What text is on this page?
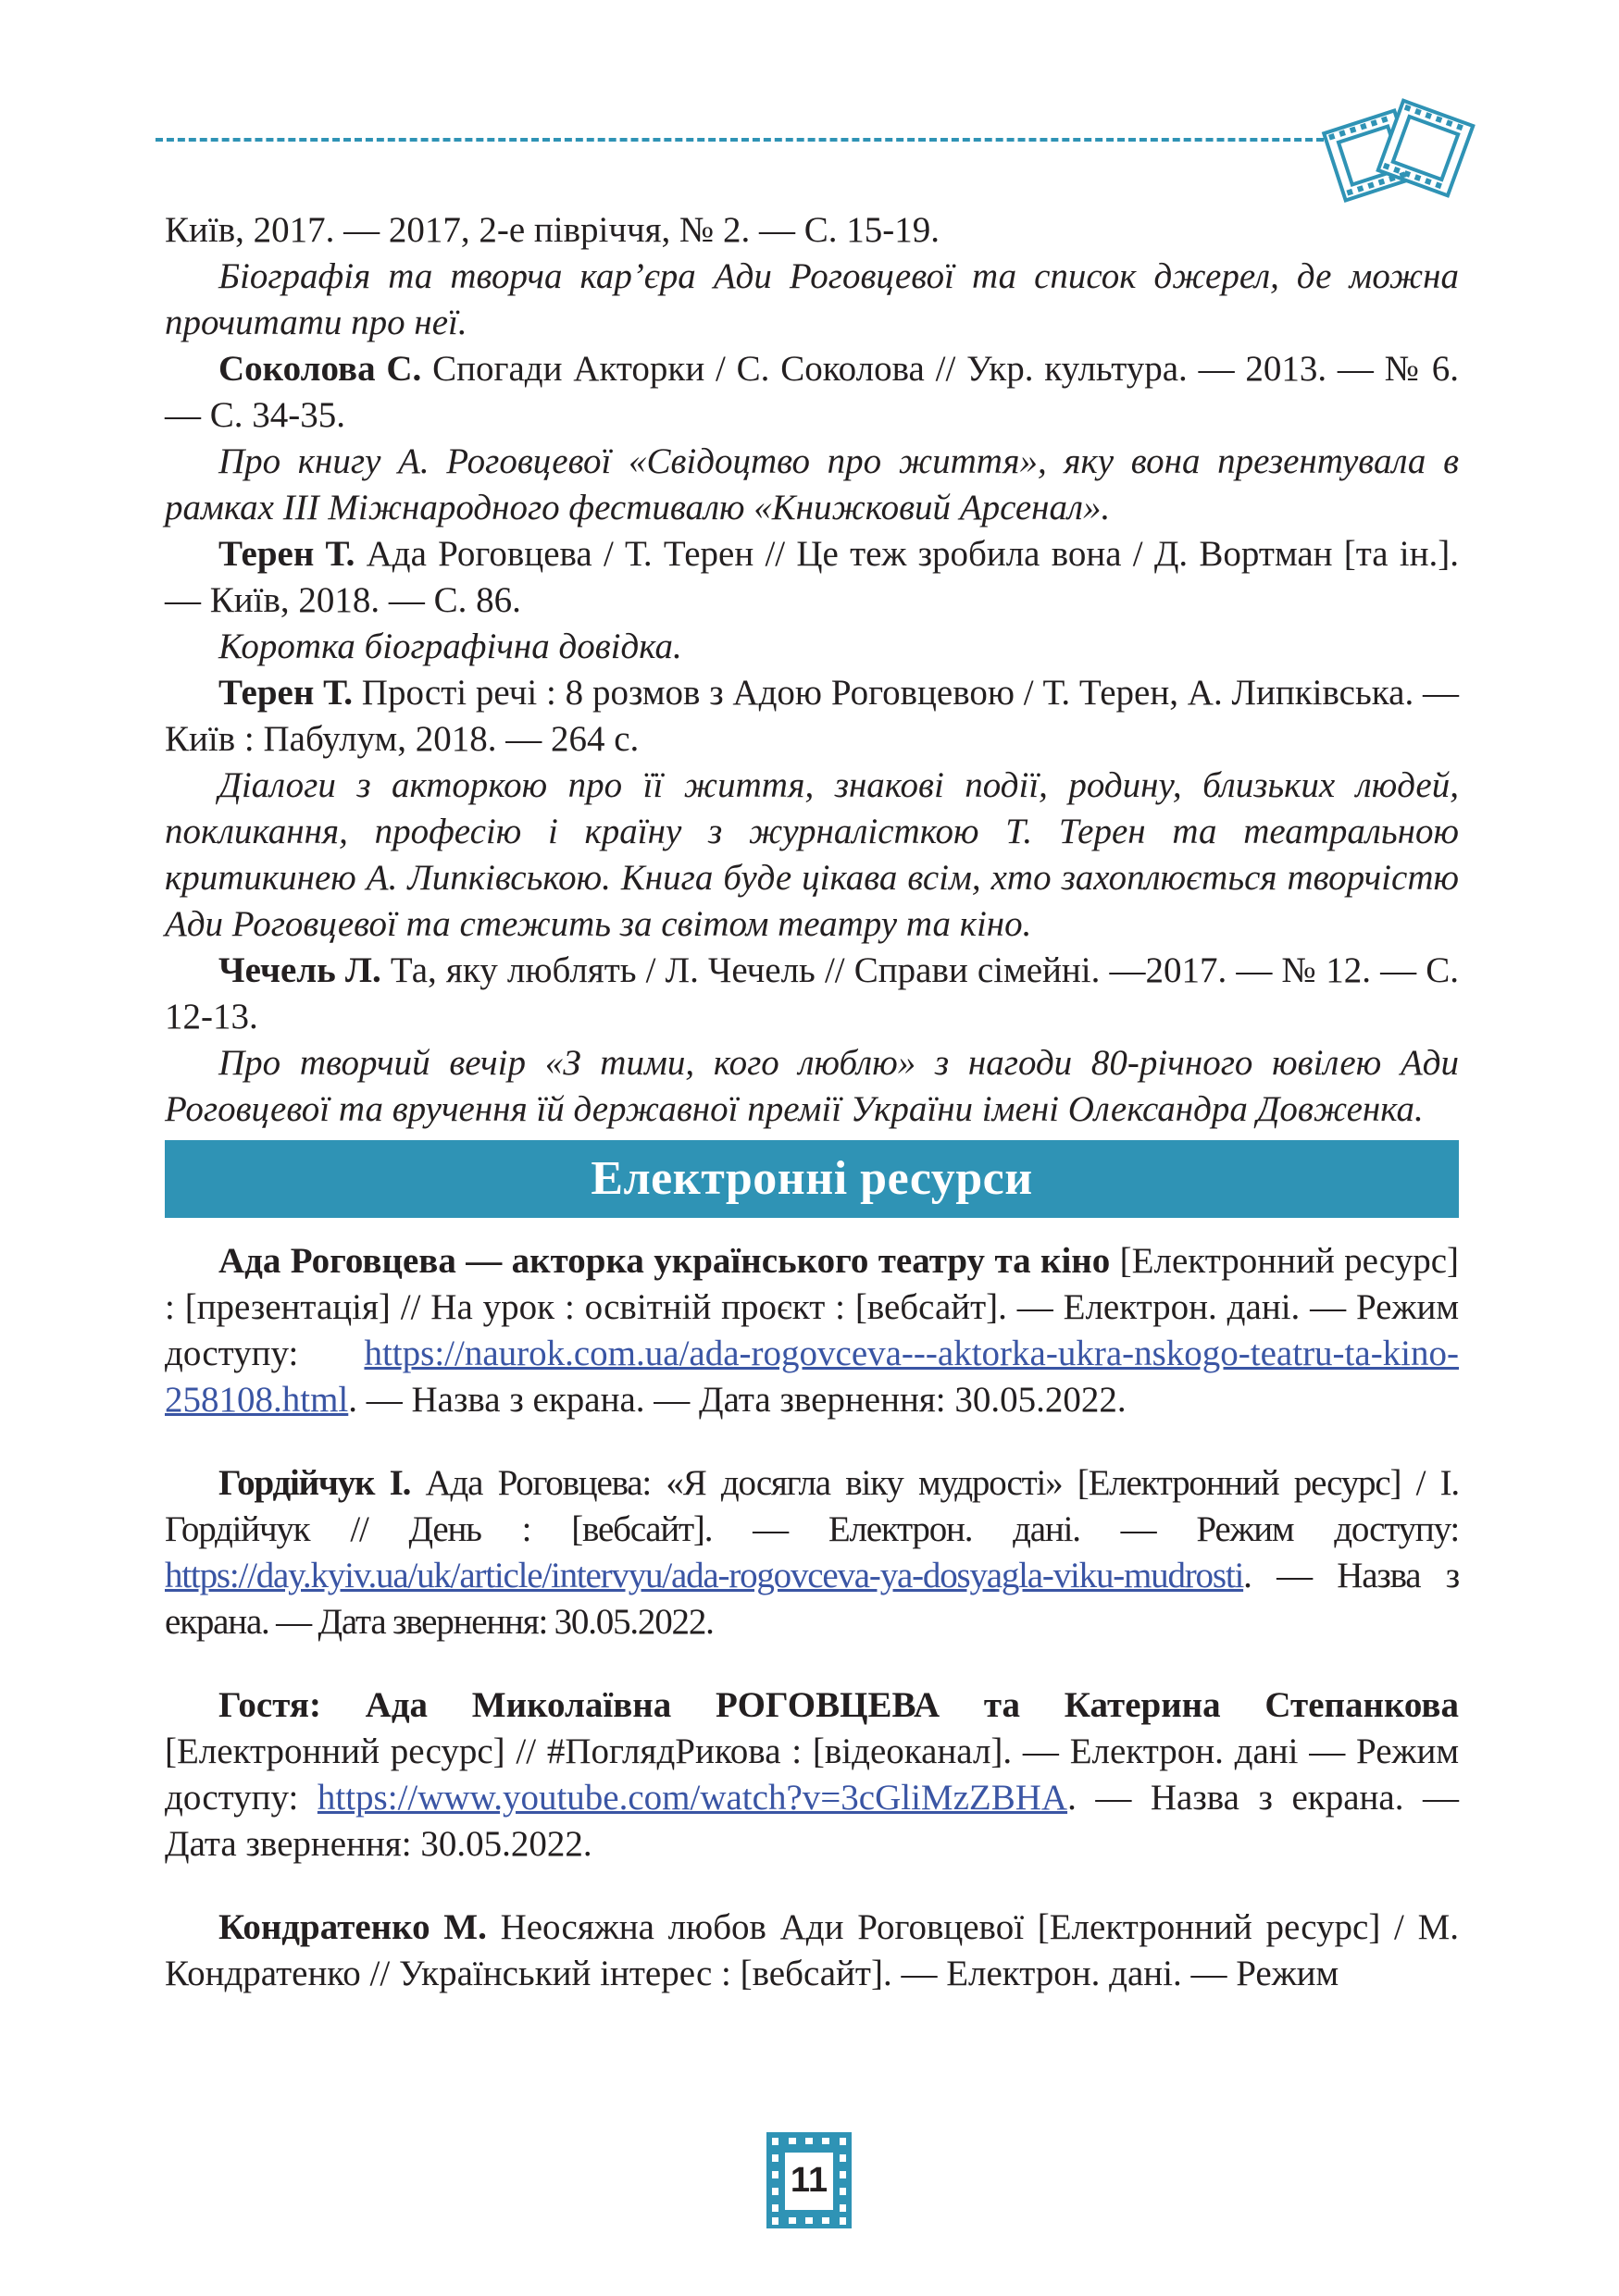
Київ, 2017. — 2017, 2-е півріччя, № 2. — С. 15-19.

Біографія та творча кар’єра Ади Роговцевої та список джерел, де можна прочитати про неї.

Соколова С. Спогади Акторки / С. Соколова // Укр. культура. — 2013. — № 6. — С. 34-35.

Про книгу А. Роговцевої «Свідоцтво про життя», яку вона презентувала в рамках ІІІ Міжнародного фестивалю «Книжковий Арсенал».

Терен Т. Ада Роговцева / Т. Терен // Це теж зробила вона / Д. Вортман [та ін.]. — Київ, 2018. — С. 86.

Коротка біографічна довідка.

Терен Т. Прості речі : 8 розмов з Адою Роговцевою / Т. Терен, А. Липківська. — Київ : Пабулум, 2018. — 264 с.

Діалоги з акторкою про її життя, знакові події, родину, близьких людей, покликання, професію і країну з журналісткою Т. Терен та театральною критикинею А. Липківською. Книга буде цікава всім, хто захоплюється творчістю Ади Роговцевої та стежить за світом театру та кіно.

Чечель Л. Та, яку люблять / Л. Чечель // Справи сімейні. —2017. — № 12. — С. 12-13.

Про творчий вечір «З тими, кого люблю» з нагоди 80-річного ювілею Ади Роговцевої та вручення їй державної премії України імені Олександра Довженка.

Електронні ресурси

Ада Роговцева — акторка українського театру та кіно [Електронний ресурс] : [презентація] // На урок : освітній проєкт : [вебсайт]. — Електрон. дані. — Режим доступу: https://naurok.com.ua/ada-rogovceva---aktorka-ukra-nskogo-teatru-ta-kino-258108.html. — Назва з екрана. — Дата звернення: 30.05.2022.

Гордійчук І. Ада Роговцева: «Я досягла віку мудрості» [Електронний ресурс] / І. Гордійчук // День : [вебсайт]. — Електрон. дані. — Режим доступу: https://day.kyiv.ua/uk/article/intervyu/ada-rogovceva-ya-dosyagla-viku-mudrosti. — Назва з екрана. — Дата звернення: 30.05.2022.

Гостя: Ада Миколаївна РОГОВЦЕВА та Катерина Степанкова [Електронний ресурс] // #ПоглядРикова : [відеоканал]. — Електрон. дані — Режим доступу: https://www.youtube.com/watch?v=3cGliMzZBHA. — Назва з екрана. — Дата звернення: 30.05.2022.

Кондратенко М. Неосяжна любов Ади Роговцевої [Електронний ресурс] / М. Кондратенко // Український інтерес : [вебсайт]. — Електрон. дані. — Режим

11
